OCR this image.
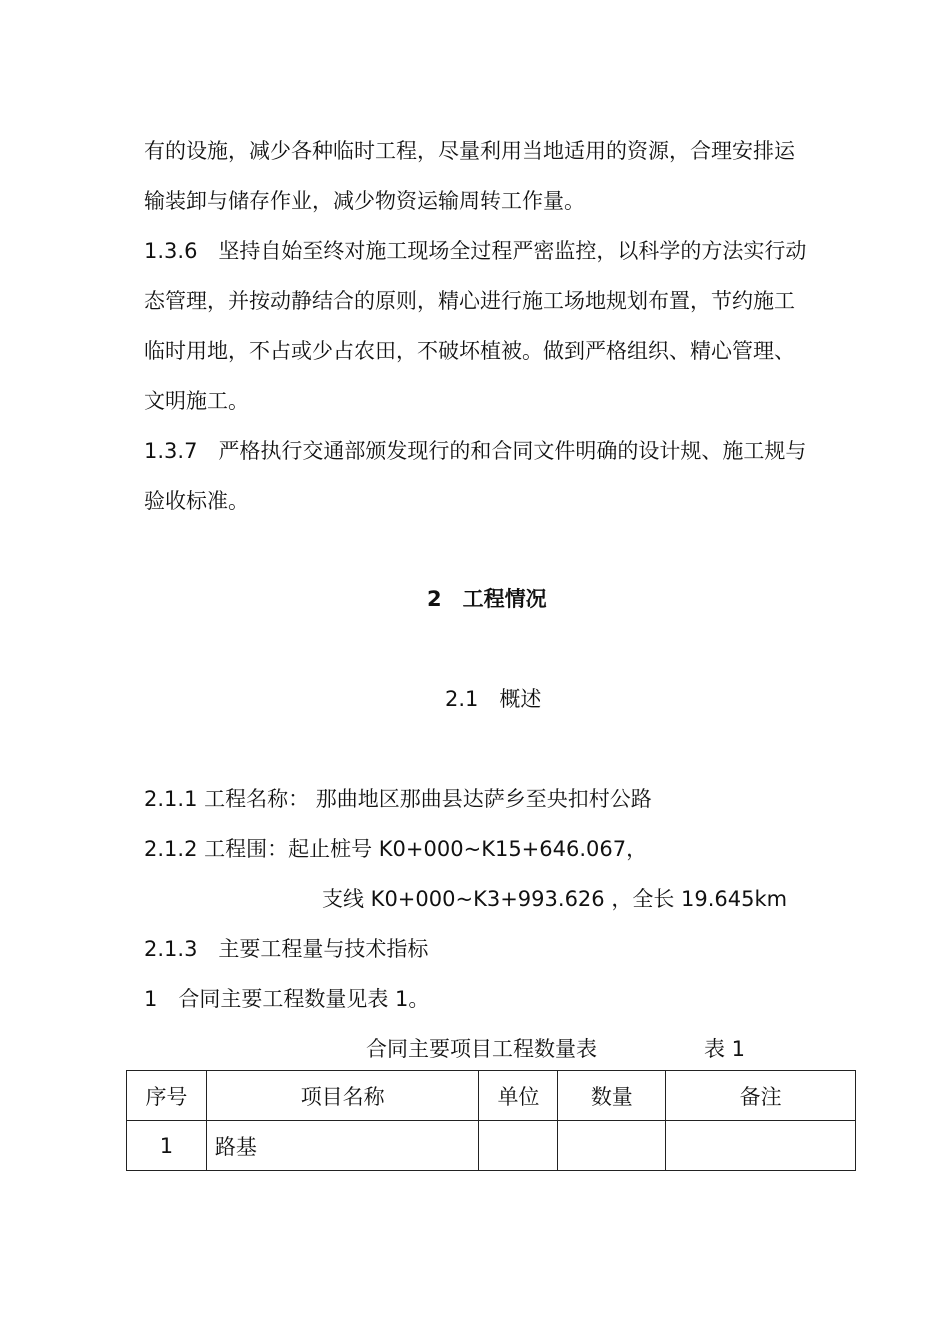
有的设施，减少各种临时工程，尽量利用当地适用的资源，合理安排运
输装卸与储存作业，减少物资运输周转工作量。
1.3.6　坚持自始至终对施工现场全过程严密监控，以科学的方法实行动
态管理，并按动静结合的原则，精心进行施工场地规划布置，节约施工
临时用地，不占或少占农田，不破坏植被。做到严格组织、精心管理、
文明施工。
1.3.7　严格执行交通部颁发现行的和合同文件明确的设计规、施工规与
验收标准。
2　工程情况
2.1　概述
2.1.1 工程名称： 那曲地区那曲县达萨乡至央扣村公路
2.1.2 工程围：起止桩号 K0+000~K15+646.067，
支线 K0+000~K3+993.626 ，全长 19.645km
2.1.3　主要工程量与技术指标
1　合同主要工程数量见表 1。
合同主要项目工程数量表	表 1
序号	项目名称	单位	数量	备注
1	路基			
